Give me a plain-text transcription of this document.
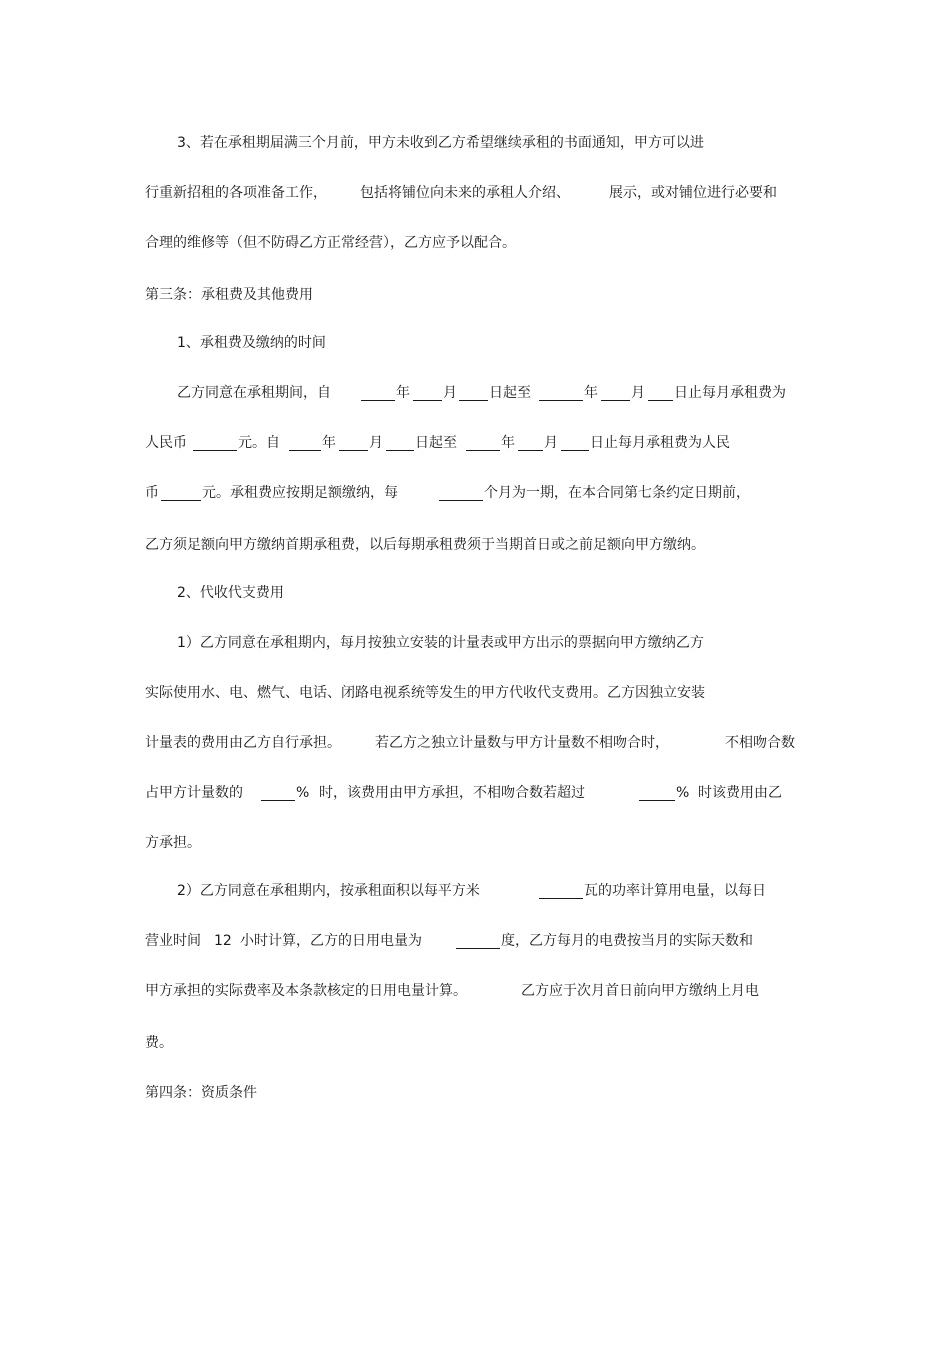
3、若在承租期届满三个月前，甲方未收到乙方希望继续承租的书面通知，甲方可以进
行重新招租的各项准备工作， 包括将铺位向未来的承租人介绍、	展示，或对铺位进行必要和
合理的维修等（但不防碍乙方正常经营），乙方应予以配合。
第三条：承租费及其他费用
1、承租费及缴纳的时间
乙方同意在承租期间，自	年 月 日起至	年 月 日止每月承租费为
人民币	元。自	年 月 日起至	年 月 日止每月承租费为人民
币	元。承租费应按期足额缴纳，每	个月为一期，在本合同第七条约定日期前，
乙方须足额向甲方缴纳首期承租费，以后每期承租费须于当期首日或之前足额向甲方缴纳。
2、代收代支费用
1）乙方同意在承租期内，每月按独立安装的计量表或甲方出示的票据向甲方缴纳乙方
实际使用水、电、燃气、电话、闭路电视系统等发生的甲方代收代支费用。乙方因独立安装
计量表的费用由乙方自行承担。 若乙方之独立计量数与甲方计量数不相吻合时，	不相吻合数
占甲方计量数的	% 时，该费用由甲方承担，不相吻合数若超过	% 时该费用由乙
方承担。
2）乙方同意在承租期内，按承租面积以每平方米	瓦的功率计算用电量，以每日
营业时间 12 小时计算，乙方的日用电量为	度，乙方每月的电费按当月的实际天数和
甲方承担的实际费率及本条款核定的日用电量计算。	乙方应于次月首日前向甲方缴纳上月电
费。
第四条：资质条件
